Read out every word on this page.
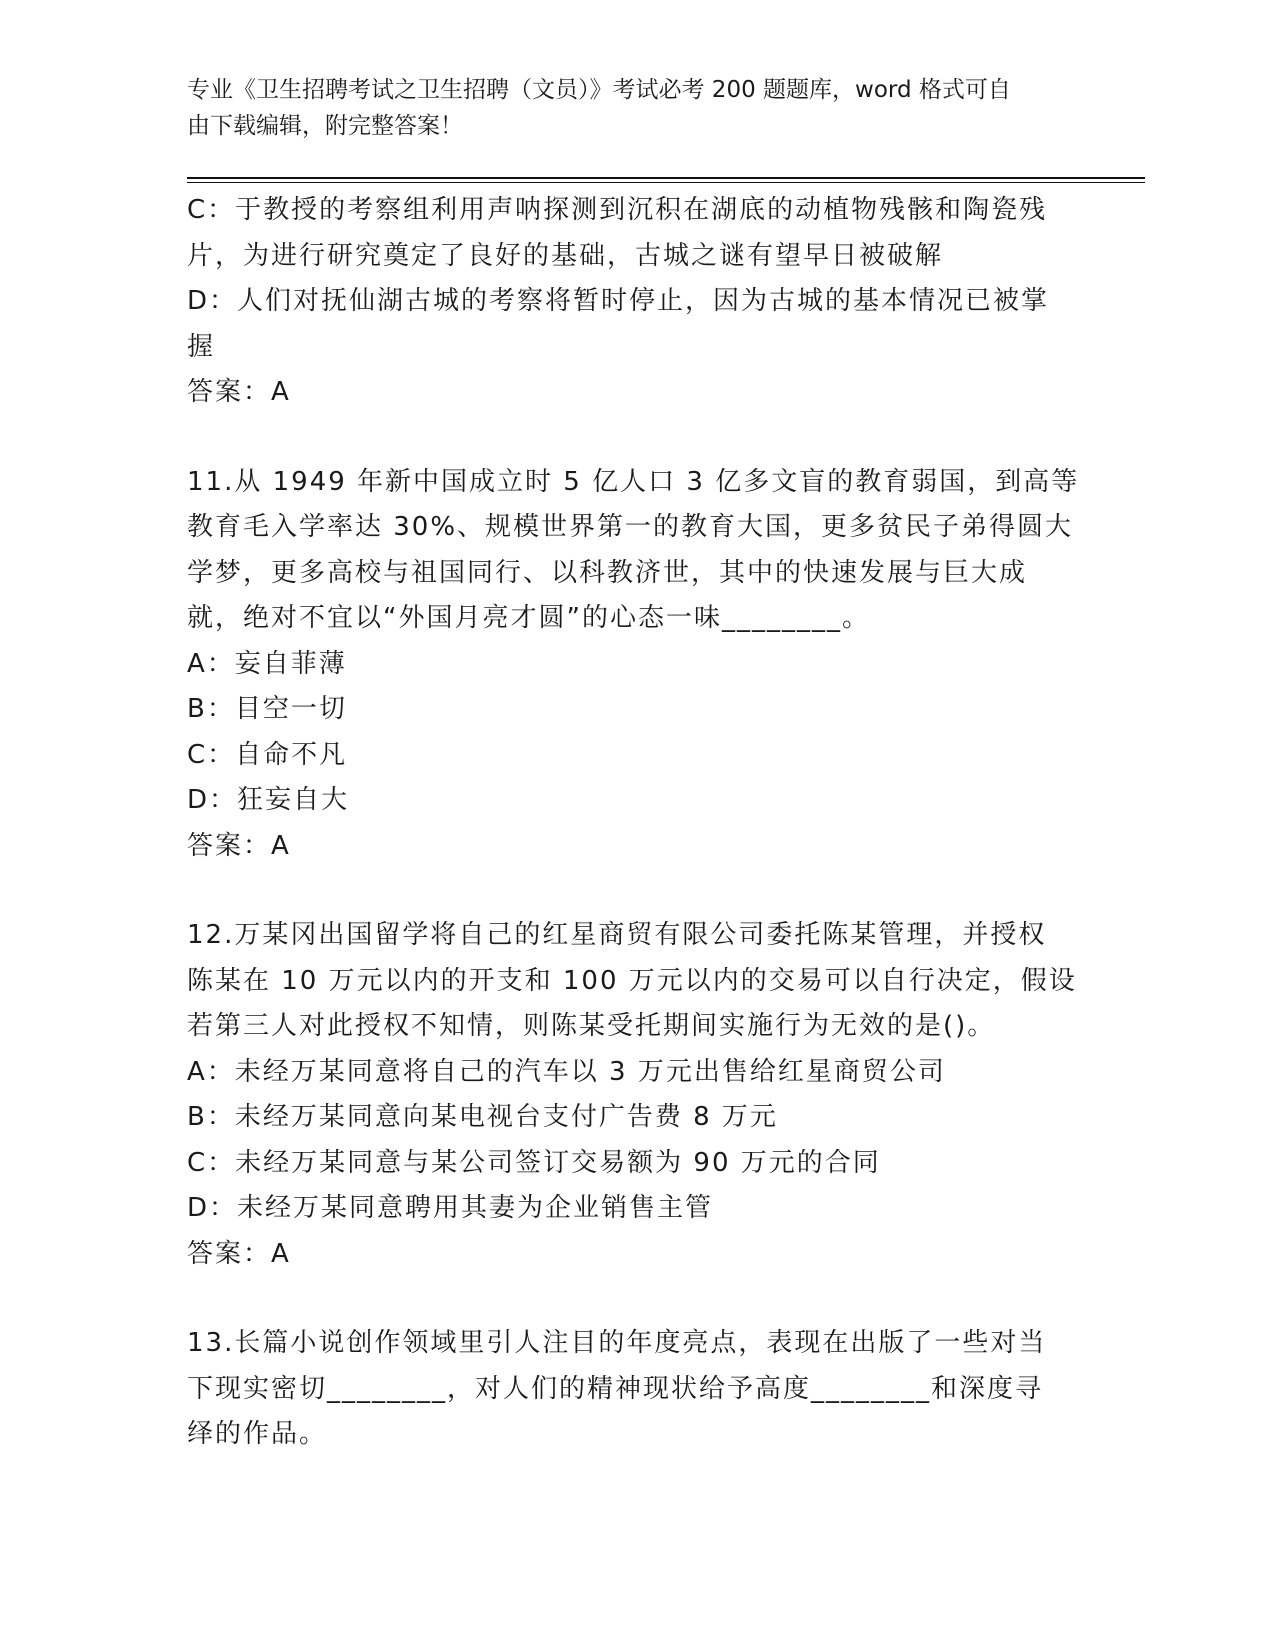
专业《卫生招聘考试之卫生招聘（文员）》考试必考 200 题题库，word 格式可自
由下载编辑，附完整答案！
C：于教授的考察组利用声呐探测到沉积在湖底的动植物残骸和陶瓷残
片，为进行研究奠定了良好的基础，古城之谜有望早日被破解
D：人们对抚仙湖古城的考察将暂时停止，因为古城的基本情况已被掌
握
答案：A
11.从 1949 年新中国成立时 5 亿人口 3 亿多文盲的教育弱国，到高等
教育毛入学率达 30%、规模世界第一的教育大国，更多贫民子弟得圆大
学梦，更多高校与祖国同行、以科教济世，其中的快速发展与巨大成
就，绝对不宜以“外国月亮才圆”的心态一味________。
A：妄自菲薄
B：目空一切
C：自命不凡
D：狂妄自大
答案：A
12.万某冈出国留学将自己的红星商贸有限公司委托陈某管理，并授权
陈某在 10 万元以内的开支和 100 万元以内的交易可以自行决定，假设
若第三人对此授权不知情，则陈某受托期间实施行为无效的是()。
A：未经万某同意将自己的汽车以 3 万元出售给红星商贸公司
B：未经万某同意向某电视台支付广告费 8 万元
C：未经万某同意与某公司签订交易额为 90 万元的合同
D：未经万某同意聘用其妻为企业销售主管
答案：A
13.长篇小说创作领域里引人注目的年度亮点，表现在出版了一些对当
下现实密切________，对人们的精神现状给予高度________和深度寻
绎的作品。
